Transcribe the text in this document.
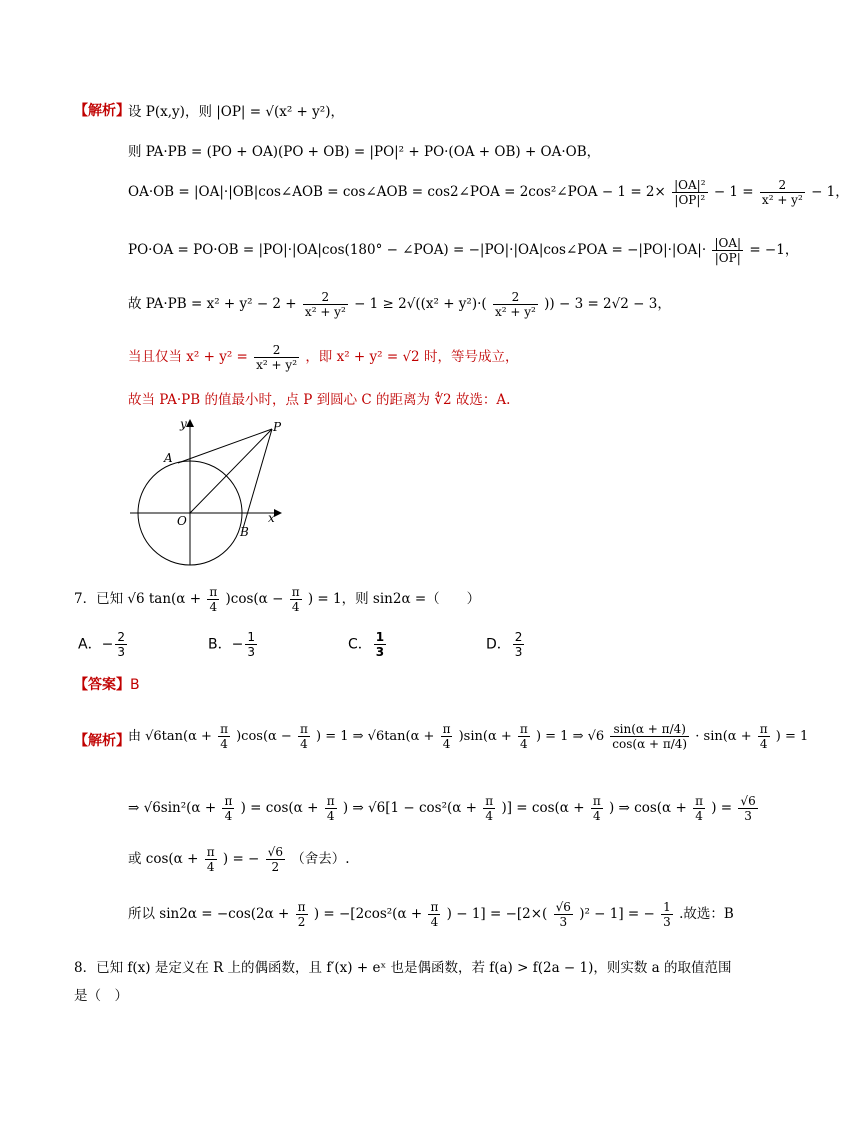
【解析】
设 P(x,y)，则 |OP| = √(x² + y²)，
则 PA·PB = (PO + OA)(PO + OB) = |PO|² + PO·(OA + OB) + OA·OB，
OA·OB = |OA|·|OB|cos∠AOB = cos∠AOB = cos2∠POA = 2cos²∠POA − $1 = 2\times \frac{\text{|OA|²}}{\text{|OP|²}} - 1 = \frac{2}{\text{x² + y²}} - 1$，
PO·OA = PO·OB = |PO|·|OA|cos(180° − ∠POA) = −|PO|·|OA|cos∠POA = $-|PO|\cdot|OA|\cdot \frac{|OA|}{|OP|} = -1$，
故 $PA\cdot PB = x^2 + y^2 - 2 + \frac{2}{\text{x² + y²}} - 1 \ge 2√((x^2 + y^2)\cdot( \frac{2}{\text{x² + y²}}$ )) − 3 = 2√2 − 3，
当且仅当 $x^2 + y^2 = \frac{2}{\text{x² + y²}}$ ，即 x² + y² = √2 时，等号成立，
故当 PA·PB 的值最小时，点 P 到圆心 C 的距离为 ∜2 故选：A.
y
x
O
A
B
P
7．已知 √6 $\tan(\alpha + \frac{\pi}{4} )\cos(\alpha - \frac{\pi}{4}$ ) = 1，则 sin2α =（　　）
A．− $\frac{2}{3}$	B．− $\frac{1}{3}$	C． $\frac{1}{3}$	D． $\frac{2}{3}$
【答案】B
【解析】
由 $√6\tan(\alpha + \frac{\pi}{4} )\cos(\alpha - \frac{\pi}{4}$ ) = 1 ⇒ $√6\tan(\alpha + \frac{\pi}{4} )\sin(\alpha + \frac{\pi}{4}$ ) = 1 ⇒ $√6 \frac{\sin(\alpha + \pi/4)}{\cos(\alpha + \pi/4)} \cdot \sin(\alpha + \frac{\pi}{4}$ ) = 1
⇒ $√6\sin^2(\alpha + \frac{\pi}{4}$ ) = $\cos(\alpha + \frac{\pi}{4}$ ) ⇒ $√6[1 - \cos^2(\alpha + \frac{\pi}{4}$ )] = $\cos(\alpha + \frac{\pi}{4}$ ) ⇒ $\cos(\alpha + \frac{\pi}{4}$ ) = $\frac{√6}{3}$
或 $\cos(\alpha + \frac{\pi}{4}$ ) = − $\frac{√6}{2}$ （舍去）.
所以 $\sin 2\alpha = -\cos(2\alpha + \frac{\pi}{2}$ ) = $-[2\cos^2(\alpha + \frac{\pi}{4}$ ) − $1] = -[2\times( \frac{√6}{3} )^2 - 1]$ = − $\frac{1}{3}$ .故选：B
8．已知 f(x) 是定义在 R 上的偶函数，且 f′(x) + eˣ 也是偶函数，若 f(a) > f(2a − 1)，则实数 a 的取值范围
是（　）
